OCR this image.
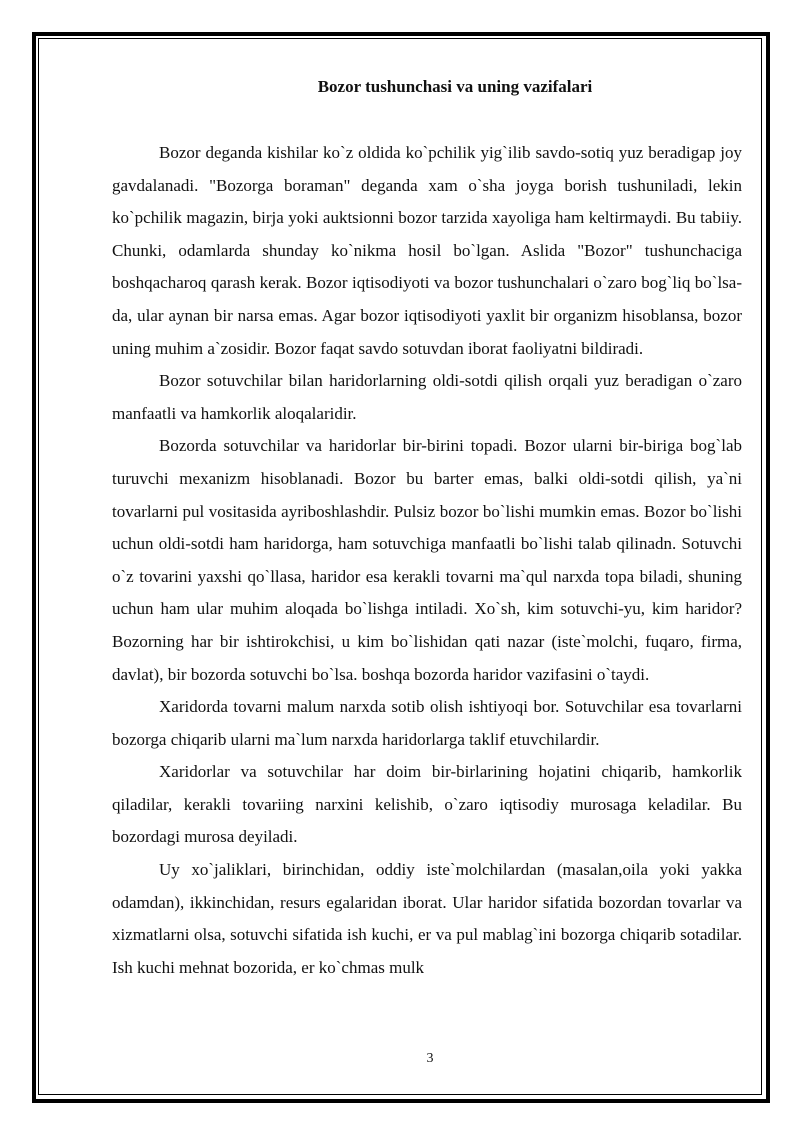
Bozor tushunchasi va uning vazifalari

Bozor deganda kishilar ko`z oldida ko`pchilik yig`ilib savdo-sotiq yuz beradigap joy gavdalanadi. "Bozorga boraman" deganda xam o`sha joyga borish tushuniladi, lekin ko`pchilik magazin, birja yoki auktsionni bozor tarzida xayoliga ham keltirmaydi. Bu tabiiy. Chunki, odamlarda shunday ko`nikma hosil bo`lgan. Aslida "Bozor" tushunchaciga boshqacharoq qarash kerak. Bozor iqtisodiyoti va bozor tushunchalari o`zaro bog`liq bo`lsa-da, ular aynan bir narsa emas. Agar bozor iqtisodiyoti yaxlit bir organizm hisoblansa, bozor uning muhim a`zosidir. Bozor faqat savdo sotuvdan iborat faoliyatni bildiradi.

Bozor sotuvchilar bilan haridorlarning oldi-sotdi qilish orqali yuz beradigan o`zaro manfaatli va hamkorlik aloqalaridir.

Bozorda sotuvchilar va haridorlar bir-birini topadi. Bozor ularni bir-biriga bog`lab turuvchi mexanizm hisoblanadi. Bozor bu barter emas, balki oldi-sotdi qilish, ya`ni tovarlarni pul vositasida ayriboshlashdir. Pulsiz bozor bo`lishi mumkin emas. Bozor bo`lishi uchun oldi-sotdi ham haridorga, ham sotuvchiga manfaatli bo`lishi talab qilinadn. Sotuvchi o`z tovarini yaxshi qo`llasa, haridor esa kerakli tovarni ma`qul narxda topa biladi, shuning uchun ham ular muhim aloqada bo`lishga intiladi. Xo`sh, kim sotuvchi-yu, kim haridor? Bozorning har bir ishtirokchisi, u kim bo`lishidan qati nazar (iste`molchi, fuqaro, firma, davlat), bir bozorda sotuvchi bo`lsa. boshqa bozorda haridor vazifasini o`taydi.

Xaridorda tovarni malum narxda sotib olish ishtiyoqi bor. Sotuvchilar esa tovarlarni bozorga chiqarib ularni ma`lum narxda haridorlarga taklif etuvchilardir.

Xaridorlar va sotuvchilar har doim bir-birlarining hojatini chiqarib, hamkorlik qiladilar, kerakli tovariing narxini kelishib, o`zaro iqtisodiy murosaga keladilar. Bu bozordagi murosa deyiladi.

Uy xo`jaliklari, birinchidan, oddiy iste`molchilardan (masalan,oila yoki yakka odamdan), ikkinchidan, resurs egalaridan iborat. Ular haridor sifatida bozordan tovarlar va xizmatlarni olsa, sotuvchi sifatida ish kuchi, er va pul mablag`ini bozorga chiqarib sotadilar. Ish kuchi mehnat bozorida, er ko`chmas mulk

3
